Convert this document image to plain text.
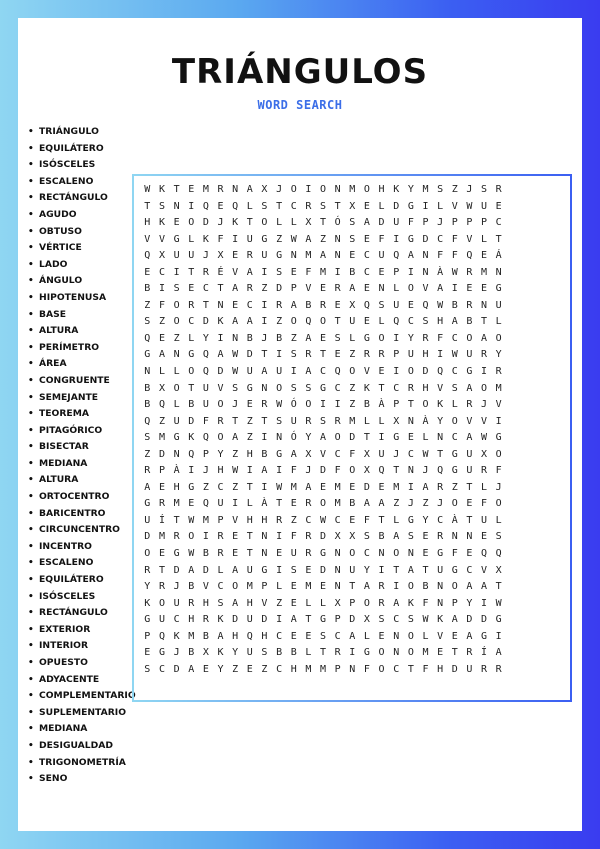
TRIÁNGULOS
WORD SEARCH
• TRIÁNGULO
• EQUILÁTERO
• ISÓSCELES
• ESCALENO
• RECTÁNGULO
• AGUDO
• OBTUSO
• VÉRTICE
• LADO
• ÁNGULO
• HIPOTENUSA
• BASE
• ALTURA
• PERÍMETRO
• ÁREA
• CONGRUENTE
• SEMEJANTE
• TEOREMA
• PITAGÓRICO
• BISECTAR
• MEDIANA
• ALTURA
• ORTOCENTRO
• BARICENTRO
• CIRCUNCENTRO
• INCENTRO
• ESCALENO
• EQUILÁTERO
• ISÓSCELES
• RECTÁNGULO
• EXTERIOR
• INTERIOR
• OPUESTO
• ADYACENTE
• COMPLEMENTARIO
• SUPLEMENTARIO
• MEDIANA
• DESIGUALDAD
• TRIGONOMETRÍA
• SENO
W K T E M R N A X J O I O N M O H K Y M S Z J S R
T S N I Q E Q L S T C R S T X E L D G I L V W U E
H K E O D J K T O L L X T Ó S A D U F P J P P P C
V V G L K F I U G Z W A Z N S E F I G D C F V L T
Q X U U J X E R U G N M A N E C U Q A N F F Q E Á
E C I T R É V A I S E F M I B C E P I N À W R M N
B I S E C T A R Z D P V E R A E N L O V A I E E G
Z F O R T N E C I R A B R E X Q S U E Q W B R N U
S Z O C D K A A I Z O Q O T U E L Q C S H A B T L
Q E Z L Y I N B J B Z A E S L G O I Y R F C O A O
G A N G Q A W D T I S R T E Z R R P U H I W U R Y
N L L O Q D W U A U I A C Q O V E I O D Q C G I R
B X O T U V S G N O S S G C Z K T C R H V S A O M
B Q L B U O J E R W Ó O I I Z B À P T O K L R J V
Q Z U D F R T Z T S U R S R M L L X N À Y O V V I
S M G K Q O A Z I N Ó Y A O D T I G E L N C A W G
Z D N Q P Y Z H B G A X V C F X U J C W T G U X O
R P À I J H W I A I F J D F O X Q T N J Q G U R F
A E H G Z C Z T I W M A E M E D E M I A R Z T L J
G R M E Q U I L À T E R O M B A A Z J Z J O E F O
U Í T W M P V H H R Z C W C E F T L G Y C À T U L
D M R O I R E T N I F R D X X S B A S E R N N E S
O E G W B R E T N E U R G N O C N O N E G F E Q Q
R T D A D L A U G I S E D N U Y I T A T U G C V X
Y R J B V C O M P L E M E N T A R I O B N O A A T
K O U R H S A H V Z E L L X P O R A K F N P Y I W
G U C H R K D U D I A T G P D X S C S W K A D D G
P Q K M B A H Q H C E E S C A L E N O L V E A G I
E G J B X K Y U S B B L T R I G O N O M E T R Í A
S C D A E Y Z E Z C H M M P N F O C T F H D U R R
